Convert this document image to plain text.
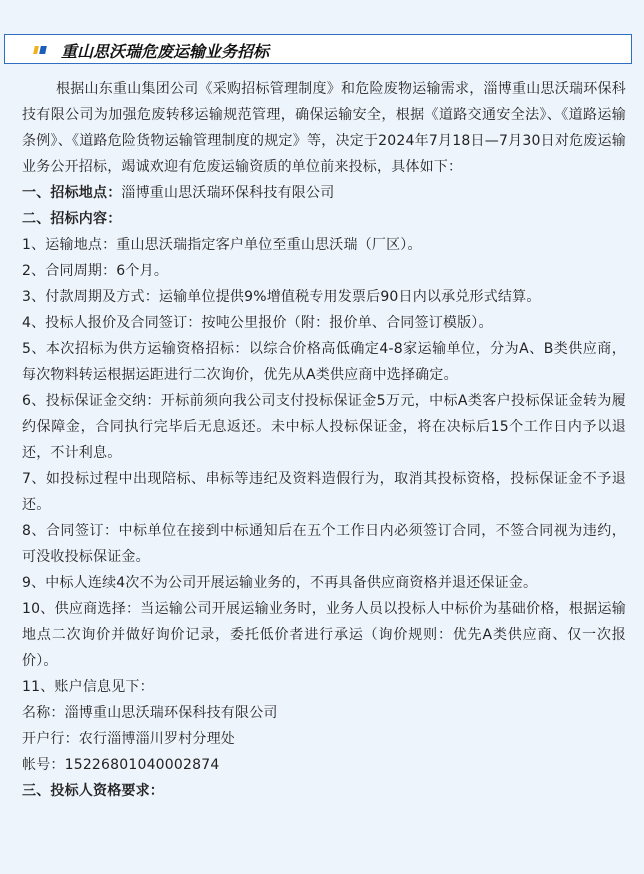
重山思沃瑞危废运输业务招标

根据山东重山集团公司《采购招标管理制度》和危险废物运输需求，淄博重山思沃瑞环保科技有限公司为加强危废转移运输规范管理，确保运输安全，根据《道路交通安全法》、《道路运输条例》、《道路危险货物运输管理制度的规定》等，决定于2024年7月18日—7月30日对危废运输业务公开招标，竭诚欢迎有危废运输资质的单位前来投标，具体如下：

一、招标地点：淄博重山思沃瑞环保科技有限公司

二、招标内容：

1、运输地点：重山思沃瑞指定客户单位至重山思沃瑞（厂区）。

2、合同周期：6个月。

3、付款周期及方式：运输单位提供9%增值税专用发票后90日内以承兑形式结算。

4、投标人报价及合同签订：按吨公里报价（附：报价单、合同签订模版）。

5、本次招标为供方运输资格招标：以综合价格高低确定4-8家运输单位，分为A、B类供应商，每次物料转运根据运距进行二次询价，优先从A类供应商中选择确定。

6、投标保证金交纳：开标前须向我公司支付投标保证金5万元，中标A类客户投标保证金转为履约保障金，合同执行完毕后无息返还。未中标人投标保证金，将在决标后15个工作日内予以退还，不计利息。

7、如投标过程中出现陪标、串标等违纪及资料造假行为，取消其投标资格，投标保证金不予退还。

8、合同签订：中标单位在接到中标通知后在五个工作日内必须签订合同，不签合同视为违约，可没收投标保证金。

9、中标人连续4次不为公司开展运输业务的，不再具备供应商资格并退还保证金。

10、供应商选择：当运输公司开展运输业务时，业务人员以投标人中标价为基础价格，根据运输地点二次询价并做好询价记录，委托低价者进行承运（询价规则：优先A类供应商、仅一次报价）。

11、账户信息见下：

名称：淄博重山思沃瑞环保科技有限公司

开户行：农行淄博淄川罗村分理处

帐号：15226801040002874

三、投标人资格要求：
